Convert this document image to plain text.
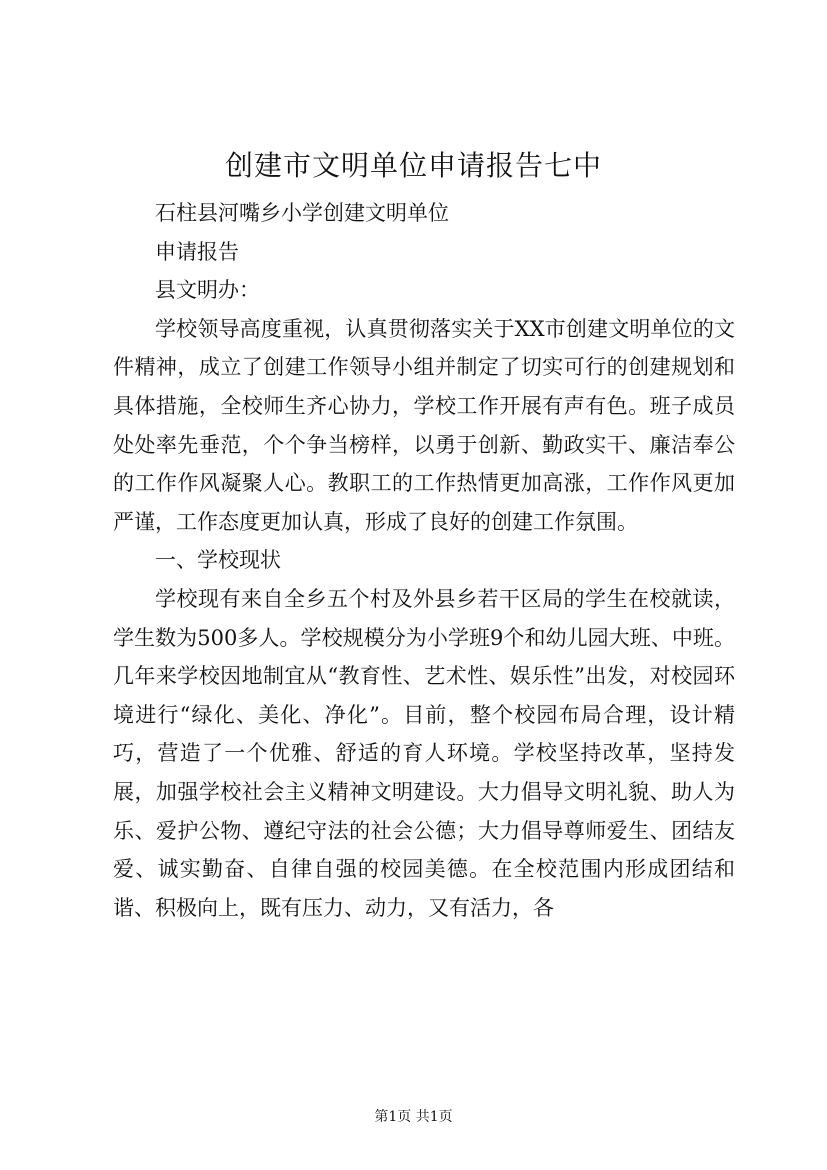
创建市文明单位申请报告七中

石柱县河嘴乡小学创建文明单位

申请报告

县文明办：

学校领导高度重视，认真贯彻落实关于XX市创建文明单位的文件精神，成立了创建工作领导小组并制定了切实可行的创建规划和具体措施，全校师生齐心协力，学校工作开展有声有色。班子成员处处率先垂范，个个争当榜样，以勇于创新、勤政实干、廉洁奉公的工作作风凝聚人心。教职工的工作热情更加高涨，工作作风更加严谨，工作态度更加认真，形成了良好的创建工作氛围。

一、学校现状

学校现有来自全乡五个村及外县乡若干区局的学生在校就读，学生数为500多人。学校规模分为小学班9个和幼儿园大班、中班。几年来学校因地制宜从“教育性、艺术性、娱乐性”出发，对校园环境进行“绿化、美化、净化”。目前，整个校园布局合理，设计精巧，营造了一个优雅、舒适的育人环境。学校坚持改革，坚持发展，加强学校社会主义精神文明建设。大力倡导文明礼貌、助人为乐、爱护公物、遵纪守法的社会公德；大力倡导尊师爱生、团结友爱、诚实勤奋、自律自强的校园美德。在全校范围内形成团结和谐、积极向上，既有压力、动力，又有活力，各

第1页 共1页
